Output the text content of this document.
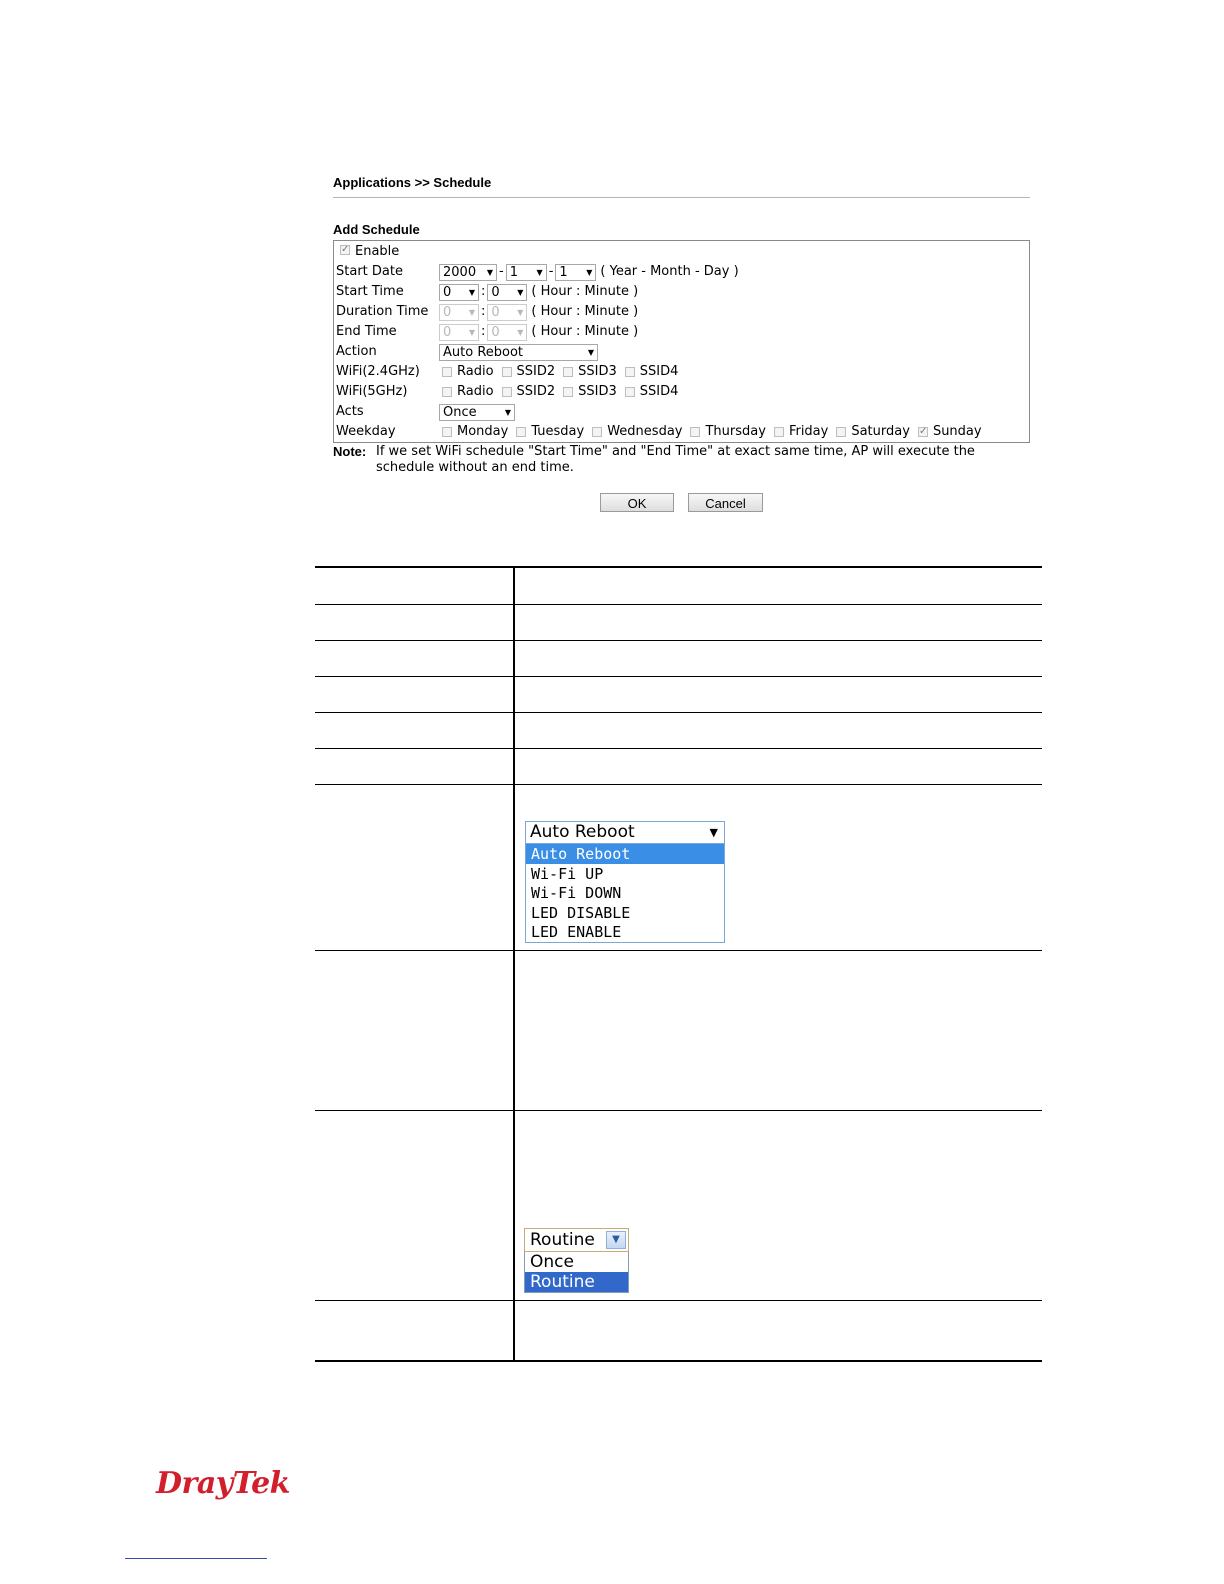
Applications >> Schedule
Add Schedule
✓Enable
Start Date	2000 ▼ - 1 ▼ - 1 ▼ ( Year - Month - Day )
Start Time	0 ▼ : 0 ▼ ( Hour : Minute )
Duration Time 0 ▼ : 0 ▼ ( Hour : Minute )
End Time	0 ▼ : 0 ▼ ( Hour : Minute )
Action	Auto Reboot	▼
WiFi(2.4GHz)	Radio SSID2 SSID3 SSID4
WiFi(5GHz)	Radio SSID2 SSID3 SSID4
Acts	Once	▼
Weekday	Monday Tuesday Wednesday Thursday Friday Saturday
✓ Sunday
Note: If we set WiFi schedule "Start Time" and "End Time" at exact same time, AP will execute the schedule without an end time.
OK	Cancel
Auto Reboot	▼
Auto Reboot
Wi-Fi UP
Wi-Fi DOWN
LED DISABLE
LED ENABLE
Routine	▼
Once
Routine
DrayTek
